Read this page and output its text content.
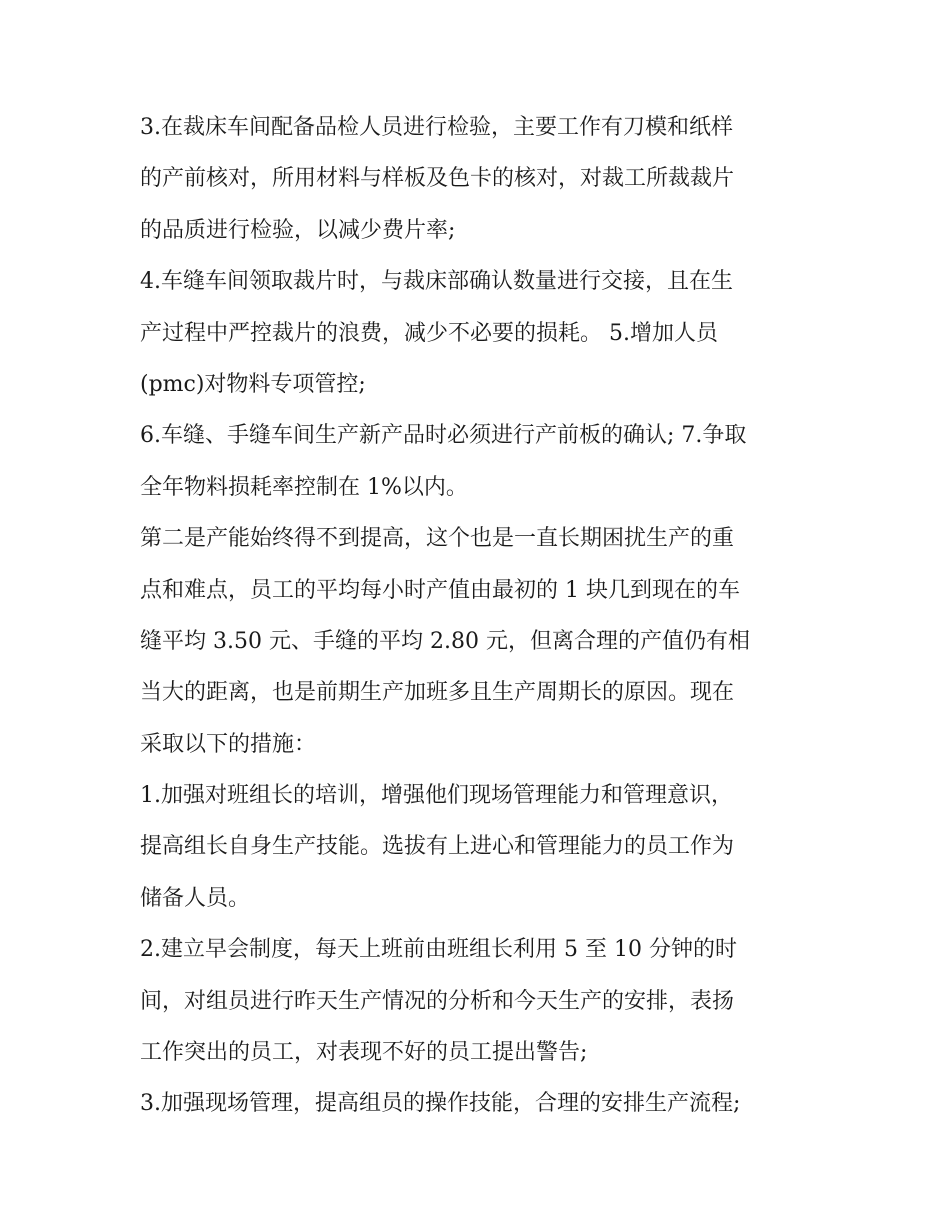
3.在裁床车间配备品检人员进行检验，主要工作有刀模和纸样
的产前核对，所用材料与样板及色卡的核对，对裁工所裁裁片
的品质进行检验，以减少费片率;
4.车缝车间领取裁片时，与裁床部确认数量进行交接，且在生
产过程中严控裁片的浪费，减少不必要的损耗。 5.增加人员
(pmc)对物料专项管控;
6.车缝、手缝车间生产新产品时必须进行产前板的确认; 7.争取
全年物料损耗率控制在 1%以内。
第二是产能始终得不到提高，这个也是一直长期困扰生产的重
点和难点，员工的平均每小时产值由最初的 1 块几到现在的车
缝平均 3.50 元、手缝的平均 2.80 元，但离合理的产值仍有相
当大的距离，也是前期生产加班多且生产周期长的原因。现在
采取以下的措施：
1.加强对班组长的培训，增强他们现场管理能力和管理意识，
提高组长自身生产技能。选拔有上进心和管理能力的员工作为
储备人员。
2.建立早会制度，每天上班前由班组长利用 5 至 10 分钟的时
间，对组员进行昨天生产情况的分析和今天生产的安排，表扬
工作突出的员工，对表现不好的员工提出警告;
3.加强现场管理，提高组员的操作技能，合理的安排生产流程;
